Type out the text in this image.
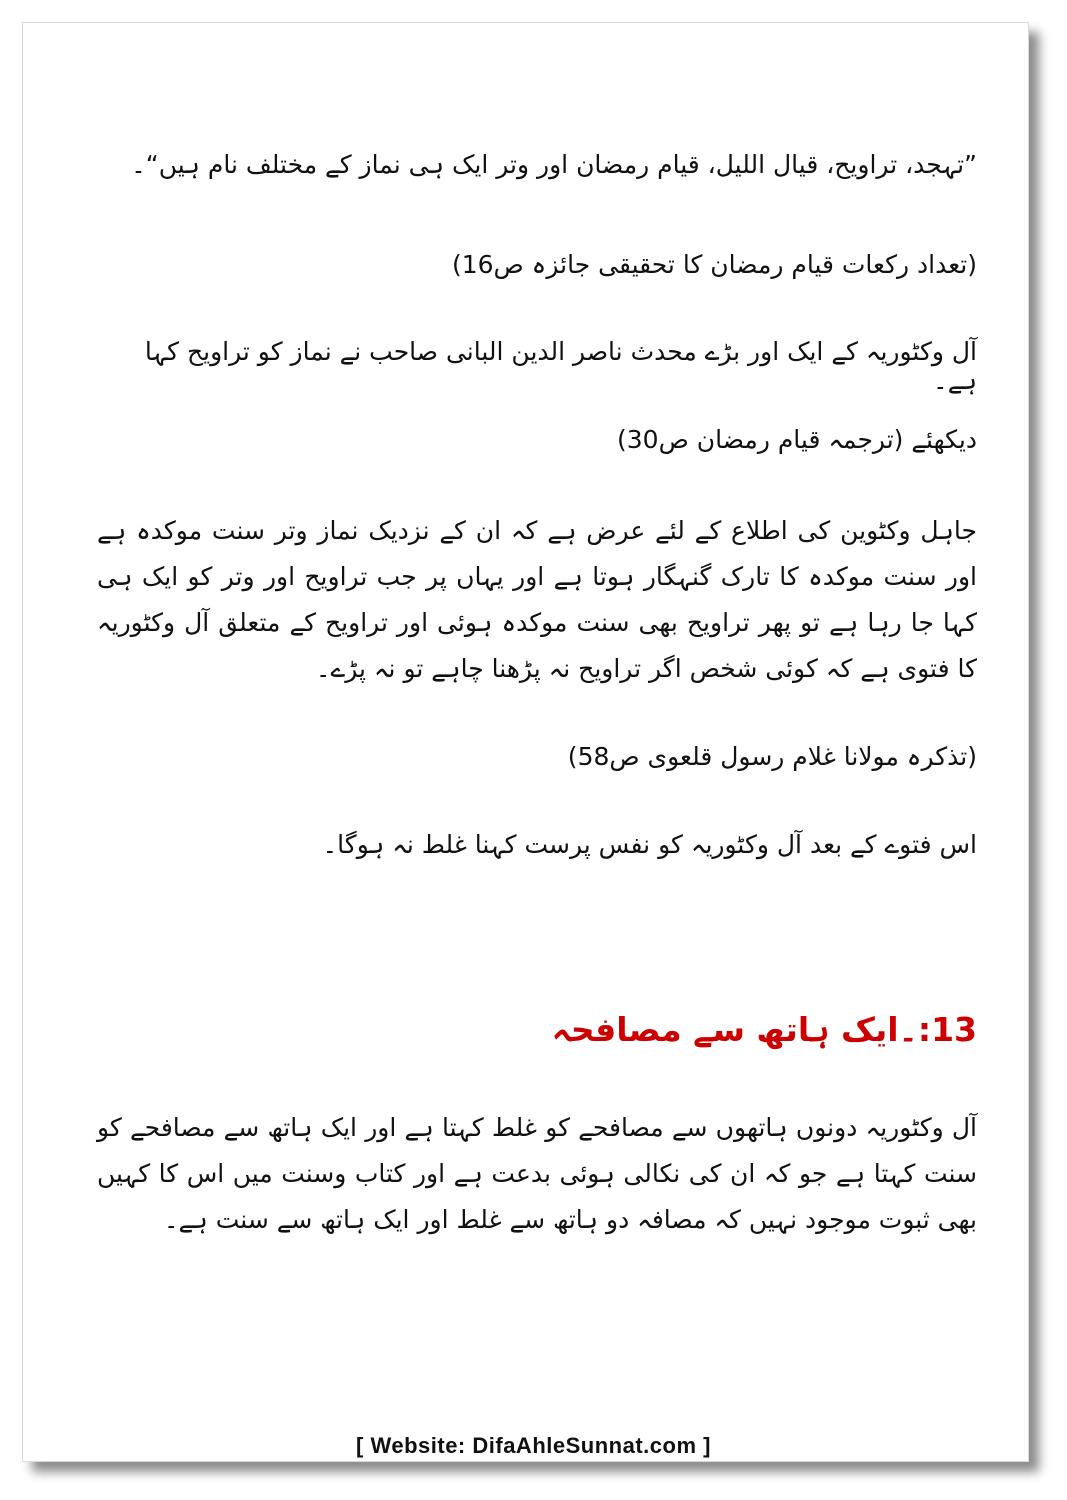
”تہجد، تراویح، قیال اللیل، قیام رمضان اور وتر ایک ہی نماز کے مختلف نام ہیں“۔

(تعداد رکعات قیام رمضان کا تحقیقی جائزہ ص16)

آل وکٹوریہ کے ایک اور بڑے محدث ناصر الدین البانی صاحب نے نماز کو تراویح کہا ہے۔

دیکھئے (ترجمہ قیام رمضان ص30)

جاہل وکٹوین کی اطلاع کے لئے عرض ہے کہ ان کے نزدیک نماز وتر سنت موکدہ ہے اور سنت موکدہ کا تارک گنہگار ہوتا ہے اور یہاں پر جب تراویح اور وتر کو ایک ہی کہا جا رہا ہے تو پھر تراویح بھی سنت موکدہ ہوئی اور تراویح کے متعلق آل وکٹوریہ کا فتوی ہے کہ کوئی شخص اگر تراویح نہ پڑھنا چاہے تو نہ پڑے۔

(تذکرہ مولانا غلام رسول قلعوی ص58)

اس فتوے کے بعد آل وکٹوریہ کو نفس پرست کہنا غلط نہ ہوگا۔

13:۔ایک ہاتھ سے مصافحہ

آل وکٹوریہ دونوں ہاتھوں سے مصافحے کو غلط کہتا ہے اور ایک ہاتھ سے مصافحے کو سنت کہتا ہے جو کہ ان کی نکالی ہوئی بدعت ہے اور کتاب وسنت میں اس کا کہیں بھی ثبوت موجود نہیں کہ مصافہ دو ہاتھ سے غلط اور ایک ہاتھ سے سنت ہے۔

[ Website: DifaAhleSunnat.com ]
